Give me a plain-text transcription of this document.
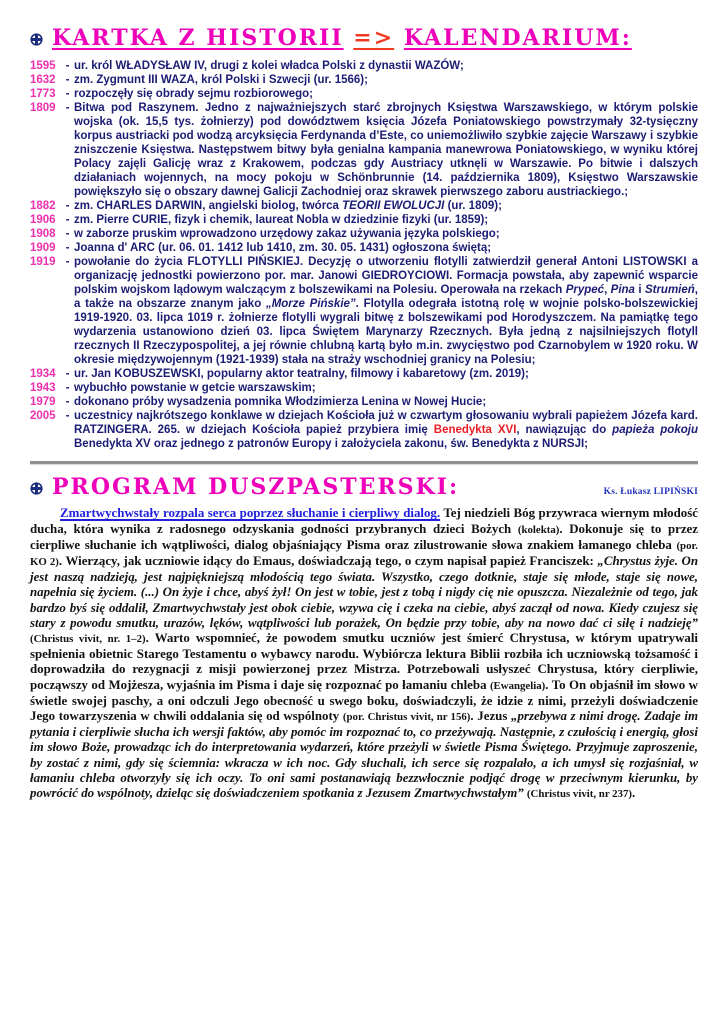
KARTKA Z HISTORII => KALENDARIUM:
1595 - ur. król WŁADYSŁAW IV, drugi z kolei władca Polski z dynastii WAZÓW;
1632 - zm. Zygmunt III WAZA, król Polski i Szwecji (ur. 1566);
1773 - rozpoczęły się obrady sejmu rozbiorowego;
1809 - Bitwa pod Raszynem. Jedno z najważniejszych starć zbrojnych Księstwa Warszawskiego, w którym polskie wojska (ok. 15,5 tys. żołnierzy) pod dowództwem księcia Józefa Poniatowskiego powstrzymały 32-tysięczny korpus austriacki pod wodzą arcyksięcia Ferdynanda d’Este, co uniemożliwiło szybkie zajęcie Warszawy i szybkie zniszczenie Księstwa. Następstwem bitwy była genialna kampania manewrowa Poniatowskiego, w wyniku której Polacy zajęli Galicję wraz z Krakowem, podczas gdy Austriacy utknęli w Warszawie. Po bitwie i dalszych działaniach wojennych, na mocy pokoju w Schönbrunnie (14. października 1809), Księstwo Warszawskie powiększyło się o obszary dawnej Galicji Zachodniej oraz skrawek pierwszego zaboru austriackiego.;
1882 - zm. CHARLES DARWIN, angielski biolog, twórca TEORII EWOLUCJI (ur. 1809);
1906 - zm. Pierre CURIE, fizyk i chemik, laureat Nobla w dziedzinie fizyki (ur. 1859);
1908 - w zaborze pruskim wprowadzono urzędowy zakaz używania języka polskiego;
1909 - Joanna d' ARC (ur. 06. 01. 1412 lub 1410, zm. 30. 05. 1431) ogłoszona świętą;
1919 - powołanie do życia FLOTYLLI PIŃSKIEJ. Decyzję o utworzeniu flotylli zatwierdził generał Antoni LISTOWSKI a organizację jednostki powierzono por. mar. Janowi GIEDROYCIOWI. Formacja powstała, aby zapewnić wsparcie polskim wojskom lądowym walczącym z bolszewikami na Polesiu. Operowała na rzekach Prypeć, Pina i Strumień, a także na obszarze znanym jako „Morze Pińskie”. Flotylla odegrała istotną rolę w wojnie polsko-bolszewickiej 1919-1920. 03. lipca 1019 r. żołnierze flotylli wygrali bitwę z bolszewikami pod Horodyszczem. Na pamiątkę tego wydarzenia ustanowiono dzień 03. lipca Świętem Marynarzy Rzecznych. Była jedną z najsilniejszych flotyll rzecznych II Rzeczypospolitej, a jej równie chlubną kartą było m.in. zwycięstwo pod Czarnobylem w 1920 roku. W okresie międzywojennym (1921-1939) stała na straży wschodniej granicy na Polesiu;
1934 - ur. Jan KOBUSZEWSKI, popularny aktor teatralny, filmowy i kabaretowy (zm. 2019);
1943 - wybuchło powstanie w getcie warszawskim;
1979 - dokonano próby wysadzenia pomnika Włodzimierza Lenina w Nowej Hucie;
2005 - uczestnicy najkrótszego konklawe w dziejach Kościoła już w czwartym głosowaniu wybrali papieżem Józefa kard. RATZINGERA. 265. w dziejach Kościoła papież przybiera imię Benedykta XVI, nawiązując do papieża pokoju Benedykta XV oraz jednego z patronów Europy i założyciela zakonu, św. Benedykta z NURSJI;
PROGRAM DUSZPASTERSKI:	Ks. Łukasz LIPIŃSKI

Zmartwychwstały rozpala serca poprzez słuchanie i cierpliwy dialog. Tej niedzieli Bóg przywraca wiernym młodość ducha, która wynika z radosnego odzyskania godności przybranych dzieci Bożych (kolekta). Dokonuje się to przez cierpliwe słuchanie ich wątpliwości, dialog objaśniający Pisma oraz zilustrowanie słowa znakiem łamanego chleba (por. KO 2). Wierzący, jak uczniowie idący do Emaus, doświadczają tego, o czym napisał papież Franciszek: „Chrystus żyje. On jest naszą nadzieją, jest najpiękniejszą młodością tego świata. Wszystko, czego dotknie, staje się młode, staje się nowe, napełnia się życiem. (...) On żyje i chce, abyś żył! On jest w tobie, jest z tobą i nigdy cię nie opuszcza. Niezależnie od tego, jak bardzo byś się oddalił, Zmartwychwstały jest obok ciebie, wzywa cię i czeka na ciebie, abyś zaczął od nowa. Kiedy czujesz się stary z powodu smutku, urazów, lęków, wątpliwości lub porażek, On będzie przy tobie, aby na nowo dać ci siłę i nadzieję” (Christus vivit, nr. 1–2). Warto wspomnieć, że powodem smutku uczniów jest śmierć Chrystusa, w którym upatrywali spełnienia obietnic Starego Testamentu o wybawcy narodu. Wybiórcza lektura Biblii rozbiła ich uczniowską tożsamość i doprowadziła do rezygnacji z misji powierzonej przez Mistrza. Potrzebowali usłyszeć Chrystusa, który cierpliwie, począwszy od Mojżesza, wyjaśnia im Pisma i daje się rozpoznać po łamaniu chleba (Ewangelia). To On objaśnił im słowo w świetle swojej paschy, a oni odczuli Jego obecność u swego boku, doświadczyli, że idzie z nimi, przeżyli doświadczenie Jego towarzyszenia w chwili oddalania się od wspólnoty (por. Christus vivit, nr 156). Jezus „przebywa z nimi drogę. Zadaje im pytania i cierpliwie słucha ich wersji faktów, aby pomóc im rozpoznać to, co przeżywają. Następnie, z czułością i energią, głosi im słowo Boże, prowadząc ich do interpretowania wydarzeń, które przeżyli w świetle Pisma Świętego. Przyjmuje zaproszenie, by zostać z nimi, gdy się ściemnia: wkracza w ich noc. Gdy słuchali, ich serce się rozpalało, a ich umysł się rozjaśniał, w łamaniu chleba otworzyły się ich oczy. To oni sami postanawiają bezzwłocznie podjąć drogę w przeciwnym kierunku, by powrócić do wspólnoty, dzieląc się doświadczeniem spotkania z Jezusem Zmartwychwstałym” (Christus vivit, nr 237).
